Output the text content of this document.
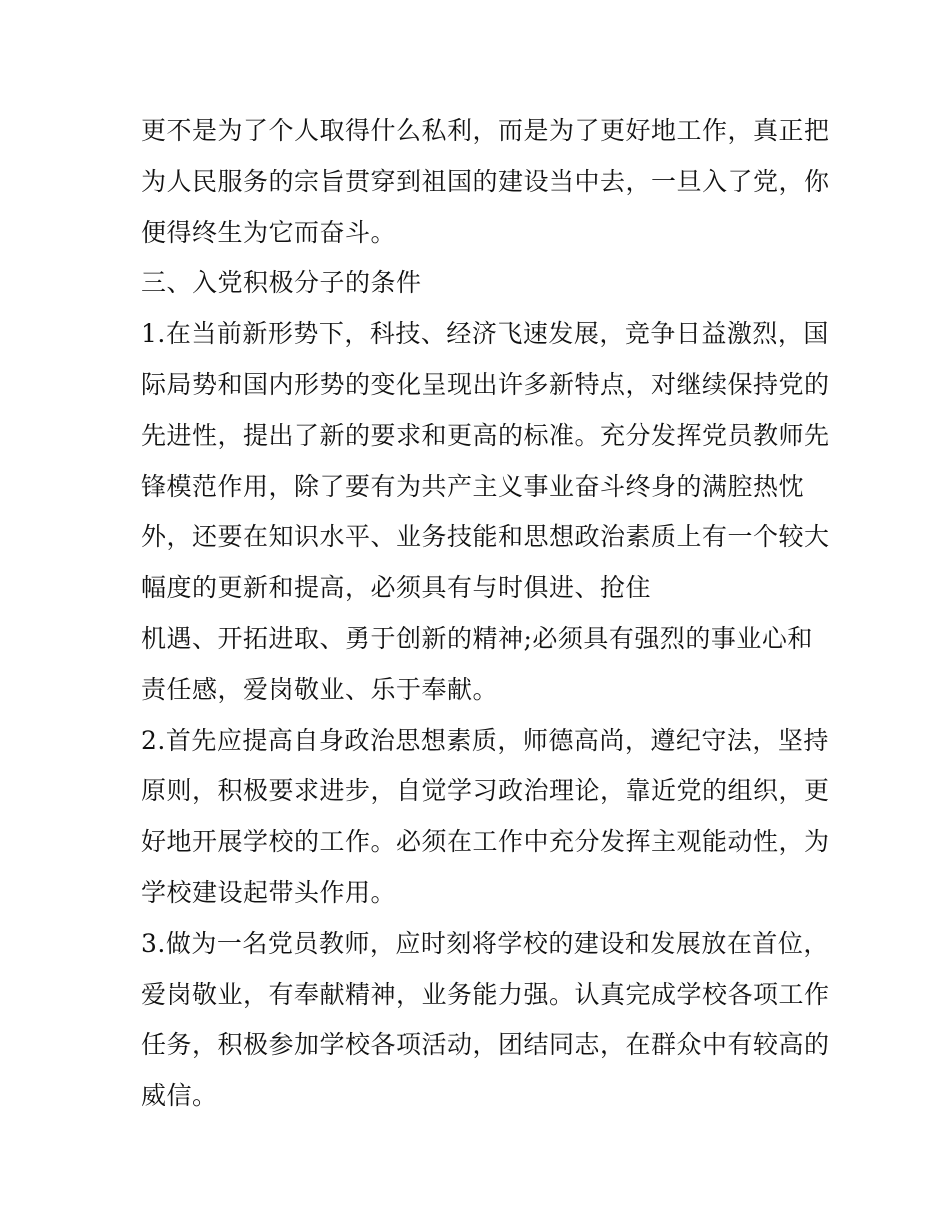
更不是为了个人取得什么私利，而是为了更好地工作，真正把
为人民服务的宗旨贯穿到祖国的建设当中去，一旦入了党，你
便得终生为它而奋斗。
三、入党积极分子的条件
1.在当前新形势下，科技、经济飞速发展，竞争日益激烈，国
际局势和国内形势的变化呈现出许多新特点，对继续保持党的
先进性，提出了新的要求和更高的标准。充分发挥党员教师先
锋模范作用，除了要有为共产主义事业奋斗终身的满腔热忱
外，还要在知识水平、业务技能和思想政治素质上有一个较大
幅度的更新和提高，必须具有与时俱进、抢住
机遇、开拓进取、勇于创新的精神;必须具有强烈的事业心和
责任感，爱岗敬业、乐于奉献。
2.首先应提高自身政治思想素质，师德高尚，遵纪守法，坚持
原则，积极要求进步，自觉学习政治理论，靠近党的组织，更
好地开展学校的工作。必须在工作中充分发挥主观能动性，为
学校建设起带头作用。
3.做为一名党员教师，应时刻将学校的建设和发展放在首位，
爱岗敬业，有奉献精神，业务能力强。认真完成学校各项工作
任务，积极参加学校各项活动，团结同志，在群众中有较高的
威信。
